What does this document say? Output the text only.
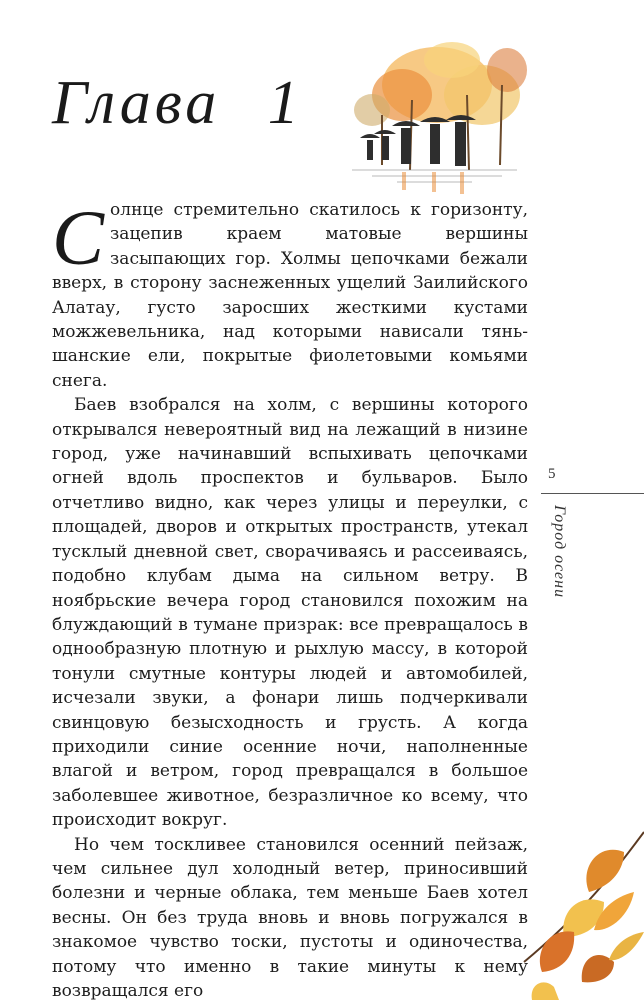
Глава 1

Солнце стремительно скатилось к горизонту, зацепив краем матовые вершины засыпающих гор. Холмы цепочками бежали вверх, в сторону заснеженных ущелий Заилийского Алатау, густо заросших жесткими кустами можжевельника, над которыми нависали тянь-шанские ели, покрытые фиолетовыми комьями снега.

Баев взобрался на холм, с вершины которого открывался невероятный вид на лежащий в низине город, уже начинавший вспыхивать цепочками огней вдоль проспектов и бульваров. Было отчетливо видно, как через улицы и переулки, с площадей, дворов и открытых пространств, утекал тусклый дневной свет, сворачиваясь и рассеиваясь, подобно клубам дыма на сильном ветру. В ноябрьские вечера город становился похожим на блуждающий в тумане призрак: все превращалось в однообразную плотную и рыхлую массу, в которой тонули смутные контуры людей и автомобилей, исчезали звуки, а фонари лишь подчеркивали свинцовую безысходность и грусть. А когда приходили синие осенние ночи, наполненные влагой и ветром, город превращался в большое заболевшее животное, безразличное ко всему, что происходит вокруг.

Но чем тоскливее становился осенний пейзаж, чем сильнее дул холодный ветер, приносивший болезни и черные облака, тем меньше Баев хотел весны. Он без труда вновь и вновь погружался в знакомое чувство тоски, пустоты и одиночества, потому что именно в такие минуты к нему возвращался его

5
Город осени
